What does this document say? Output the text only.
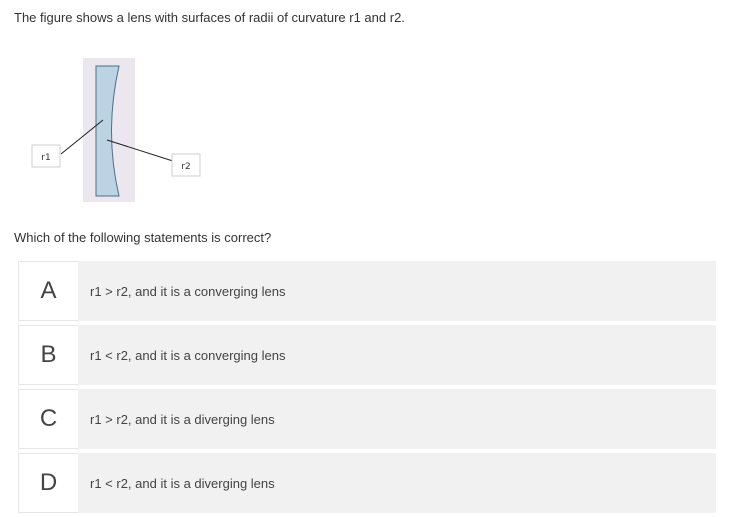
The figure shows a lens with surfaces of radii of curvature r1 and r2.
r1
r2
Which of the following statements is correct?
A	r1 > r2, and it is a converging lens
B	r1 < r2, and it is a converging lens
C	r1 > r2, and it is a diverging lens
D	r1 < r2, and it is a diverging lens
